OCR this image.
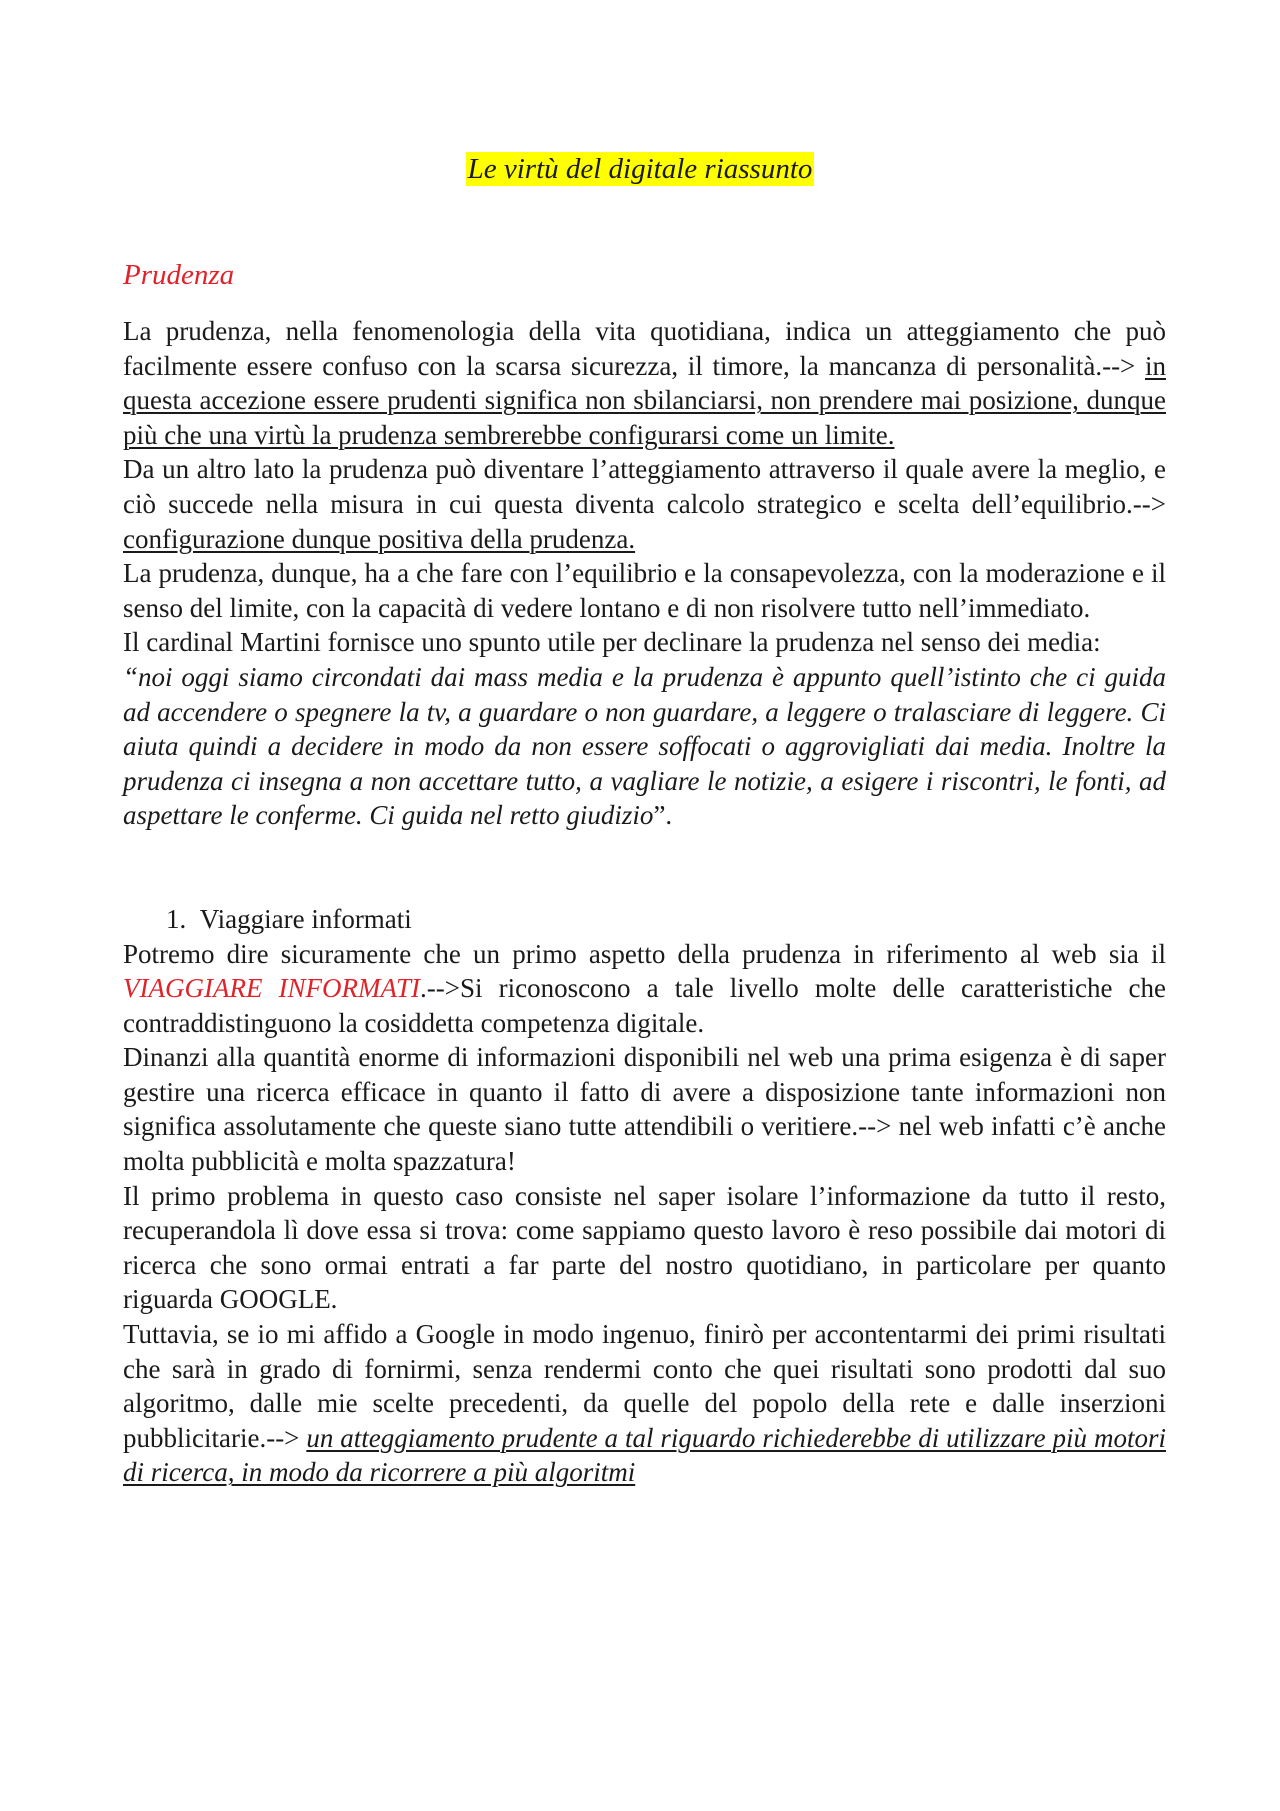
Le virtù del digitale riassunto
Prudenza

La prudenza, nella fenomenologia della vita quotidiana, indica un atteggiamento che può facilmente essere confuso con la scarsa sicurezza, il timore, la mancanza di personalità.--> in questa accezione essere prudenti significa non sbilanciarsi, non prendere mai posizione, dunque più che una virtù la prudenza sembrerebbe configurarsi come un limite.

Da un altro lato la prudenza può diventare l’atteggiamento attraverso il quale avere la meglio, e ciò succede nella misura in cui questa diventa calcolo strategico e scelta dell’equilibrio.--> configurazione dunque positiva della prudenza.

La prudenza, dunque, ha a che fare con l’equilibrio e la consapevolezza, con la moderazione e il senso del limite, con la capacità di vedere lontano e di non risolvere tutto nell’immediato.

Il cardinal Martini fornisce uno spunto utile per declinare la prudenza nel senso dei media:

“noi oggi siamo circondati dai mass media e la prudenza è appunto quell’istinto che ci guida ad accendere o spegnere la tv, a guardare o non guardare, a leggere o tralasciare di leggere. Ci aiuta quindi a decidere in modo da non essere soffocati o aggrovigliati dai media. Inoltre la prudenza ci insegna a non accettare tutto, a vagliare le notizie, a esigere i riscontri, le fonti, ad aspettare le conferme. Ci guida nel retto giudizio”.

1. Viaggiare informati

Potremo dire sicuramente che un primo aspetto della prudenza in riferimento al web sia il VIAGGIARE INFORMATI.-->Si riconoscono a tale livello molte delle caratteristiche che contraddistinguono la cosiddetta competenza digitale.

Dinanzi alla quantità enorme di informazioni disponibili nel web una prima esigenza è di saper gestire una ricerca efficace in quanto il fatto di avere a disposizione tante informazioni non significa assolutamente che queste siano tutte attendibili o veritiere.--> nel web infatti c’è anche molta pubblicità e molta spazzatura!

Il primo problema in questo caso consiste nel saper isolare l’informazione da tutto il resto, recuperandola lì dove essa si trova: come sappiamo questo lavoro è reso possibile dai motori di ricerca che sono ormai entrati a far parte del nostro quotidiano, in particolare per quanto riguarda GOOGLE.

Tuttavia, se io mi affido a Google in modo ingenuo, finirò per accontentarmi dei primi risultati che sarà in grado di fornirmi, senza rendermi conto che quei risultati sono prodotti dal suo algoritmo, dalle mie scelte precedenti, da quelle del popolo della rete e dalle inserzioni pubblicitarie.--> un atteggiamento prudente a tal riguardo richiederebbe di utilizzare più motori di ricerca, in modo da ricorrere a più algoritmi
